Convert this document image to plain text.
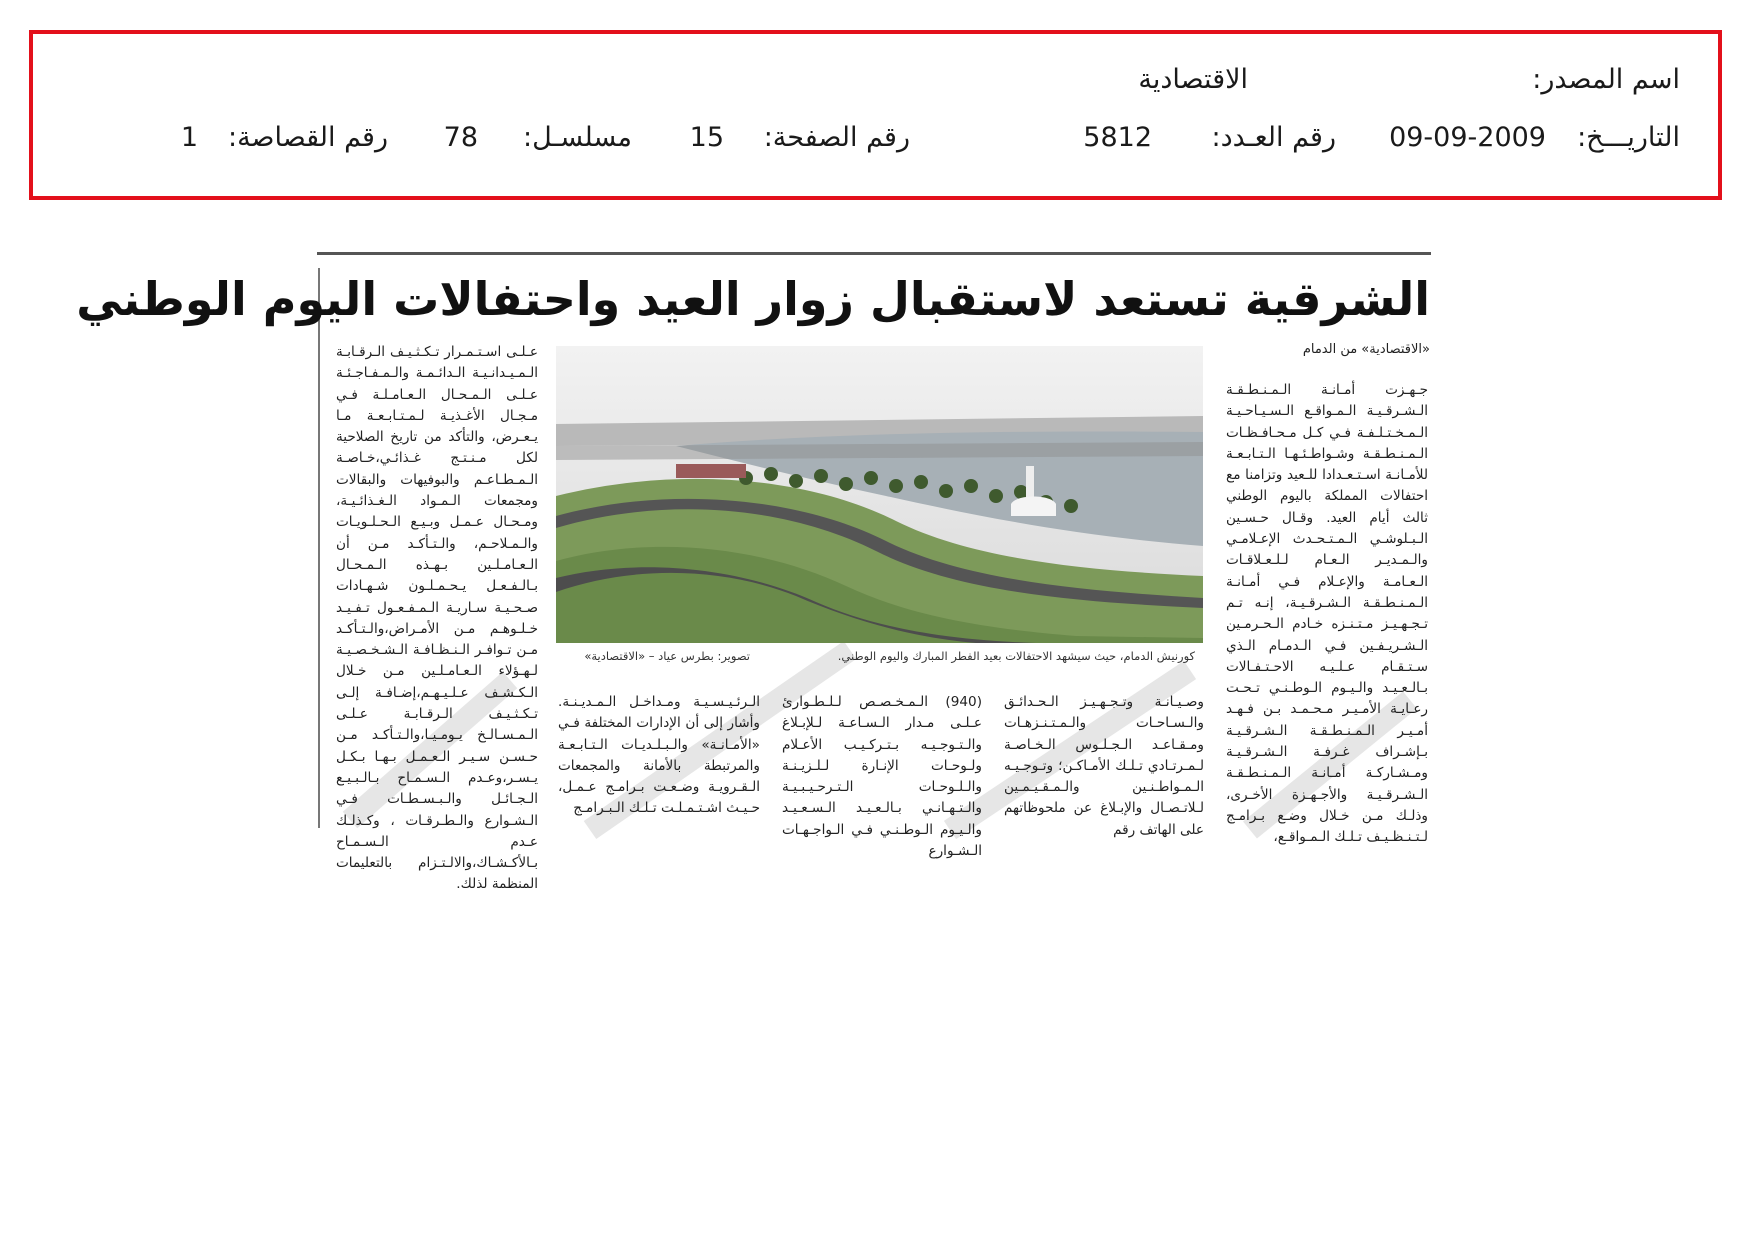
اسم المصدر:
الاقتصادية
التاريـــخ:
09-09-2009
رقم العـدد:
5812
رقم الصفحة:
15
مسلسـل:
78
رقم القصاصة:
1
الشرقية تستعد لاستقبال زوار العيد واحتفالات اليوم الوطني
«الاقتصادية» من الدمام

جـهـزت أمـانـة الـمـنـطـقـة الـشـرقـيـة الـمـواقـع الـسـيـاحـيـة الـمـخـتـلـفـة فـي كـل مـحـافـظـات الـمـنـطـقـة وشـواطـئـهـا الـتـابـعـة للأمـانـة اسـتـعـدادا للـعيد وتزامنا مع احتفالات المملكة باليوم الوطني ثالث أيام العيد. وقـال حـسـين الـبـلوشـي الـمـتـحـدث الإعـلامـي والـمـديـر الـعـام لـلـعـلاقـات الـعـامـة والإعـلام فـي أمـانـة الـمـنـطـقـة الـشـرقـيـة، إنـه تـم تـجـهـيـز مـتـنـزه خـادم الـحـرمـين الـشـريـفـين فـي الـدمـام الـذي سـتـقـام عـلـيـه الاحـتـفـالات بـالـعـيـد والـيـوم الـوطـنـي تـحـت رعـايـة الأمـيـر مـحـمـد بـن فـهـد أمـيـر الـمـنـطـقـة الـشـرقـيـة بـإشـراف غـرفـة الـشـرقـيـة ومـشـاركـة أمـانـة الـمـنـطـقـة الـشـرقـيـة والأجـهـزة الأخـرى، وذلـك مـن خـلال وضـع بـرامـج لـتـنـظـيـف تـلـك الـمـواقـع،

عـلـى اسـتـمـرار تـكـثـيـف الـرقـابـة الـمـيـدانـيـة الـدائـمـة والـمـفـاجـئـة عـلـى الـمـحـال الـعـامـلـة فـي مـجـال الأغـذيـة لـمـتـابـعـة مـا يـعـرض، والتأكد من تاريخ الصلاحية لكل مـنـتـج غـذائـي،خـاصـة الـمـطـاعـم والبوفيهات والبقالات ومجمعات الـمـواد الـغـذائـيـة، ومـحـال عـمـل وبـيـع الـحـلـويـات والـمـلاحـم، والـتـأكـد مـن أن الـعـامـلـين بـهـذه الـمـحـال بـالـفـعـل يـحـمـلـون شـهـادات صـحـيـة سـاريـة الـمـفـعـول تـفـيـد خـلـوهـم مـن الأمـراض،والـتـأكـد مـن تـوافـر الـنـظـافـة الـشـخـصـيـة لـهـؤلاء الـعـامـلـين مـن خـلال الـكـشـف عـلـيـهـم،إضـافـة إلـى تـكـثـيـف الـرقـابـة عـلـى الـمـسـالـخ يـومـيـا،والـتـأكـد مـن حـسـن سـيـر الـعـمـل بـهـا بـكـل يـسـر،وعـدم الـسـمـاح بـالـبـيـع الـجـائـل والـبـسـطـات فـي الـشـوارع والـطـرقـات ، وكـذلـك عـدم الـسـمـاح بـالأكـشـاك،والالـتـزام بالتعليمات المنظمة لذلك.

كورنيش الدمام، حيث سيشهد الاحتفالات بعيد الفطر المبارك واليوم الوطني.
تصوير: بطرس عياد – «الاقتصادية»

وصـيـانـة وتـجـهـيـز الـحـدائـق والـسـاحـات والـمـتـنـزهـات ومـقـاعـد الـجـلـوس الـخـاصـة لـمـرتـادي تـلـك الأمـاكـن؛ وتـوجـيـه الـمـواطـنـين والـمـقـيـمـين لـلاتـصـال والإبـلاغ عن ملحوظاتهم على الهاتف رقم

(940) الـمـخـصـص لـلـطـوارئ عـلـى مـدار الـسـاعـة لـلإبـلاغ والـتـوجـيـه بـتـركـيـب الأعـلام ولـوحـات الإنـارة لـلـزيـنـة والـلـوحـات الـتـرحـيـبـيـة والـتـهـانـي بـالـعـيـد الـسـعـيـد والـيـوم الـوطـنـي فـي الـواجـهـات الـشـوارع

الـرئـيـسـيـة ومـداخـل الـمـديـنـة. وأشار إلى أن الإدارات المختلفة فـي «الأمـانـة» والـبـلـديـات الـتـابـعـة والمرتبطة بالأمانة والمجمعات الـقـرويـة وضـعـت بـرامـج عـمـل، حـيـث اشـتـمـلـت تـلـك الـبـرامـج
